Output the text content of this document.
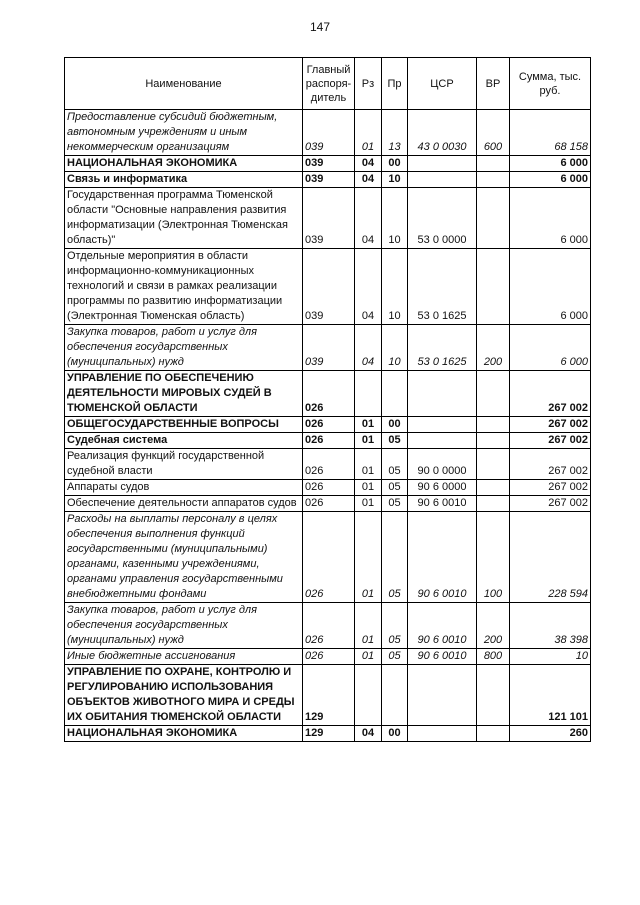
147
Наименование	Главный распоря-дитель	Рз	Пр	ЦСР	ВР	Сумма, тыс. руб.
Предоставление субсидий бюджетным, автономным учреждениям и иным некоммерческим организациям	039	01	13	43 0 0030	600	68 158
НАЦИОНАЛЬНАЯ ЭКОНОМИКА	039	04	00			6 000
Связь и информатика	039	04	10			6 000
Государственная программа Тюменской области "Основные направления развития информатизации (Электронная Тюменская область)"	039	04	10	53 0 0000		6 000
Отдельные мероприятия в области информационно-коммуникационных технологий и связи в рамках реализации программы по развитию информатизации (Электронная Тюменская область)	039	04	10	53 0 1625		6 000
Закупка товаров, работ и услуг для обеспечения государственных (муниципальных) нужд	039	04	10	53 0 1625	200	6 000
УПРАВЛЕНИЕ ПО ОБЕСПЕЧЕНИЮ ДЕЯТЕЛЬНОСТИ МИРОВЫХ СУДЕЙ В ТЮМЕНСКОЙ ОБЛАСТИ	026					267 002
ОБЩЕГОСУДАРСТВЕННЫЕ ВОПРОСЫ	026	01	00			267 002
Судебная система	026	01	05			267 002
Реализация функций государственной судебной власти	026	01	05	90 0 0000		267 002
Аппараты судов	026	01	05	90 6 0000		267 002
Обеспечение деятельности аппаратов судов	026	01	05	90 6 0010		267 002
Расходы на выплаты персоналу в целях обеспечения выполнения функций государственными (муниципальными) органами, казенными учреждениями, органами управления государственными внебюджетными фондами	026	01	05	90 6 0010	100	228 594
Закупка товаров, работ и услуг для обеспечения государственных (муниципальных) нужд	026	01	05	90 6 0010	200	38 398
Иные бюджетные ассигнования	026	01	05	90 6 0010	800	10
УПРАВЛЕНИЕ ПО ОХРАНЕ, КОНТРОЛЮ И РЕГУЛИРОВАНИЮ ИСПОЛЬЗОВАНИЯ ОБЪЕКТОВ ЖИВОТНОГО МИРА И СРЕДЫ ИХ ОБИТАНИЯ ТЮМЕНСКОЙ ОБЛАСТИ	129					121 101
НАЦИОНАЛЬНАЯ ЭКОНОМИКА	129	04	00			260
